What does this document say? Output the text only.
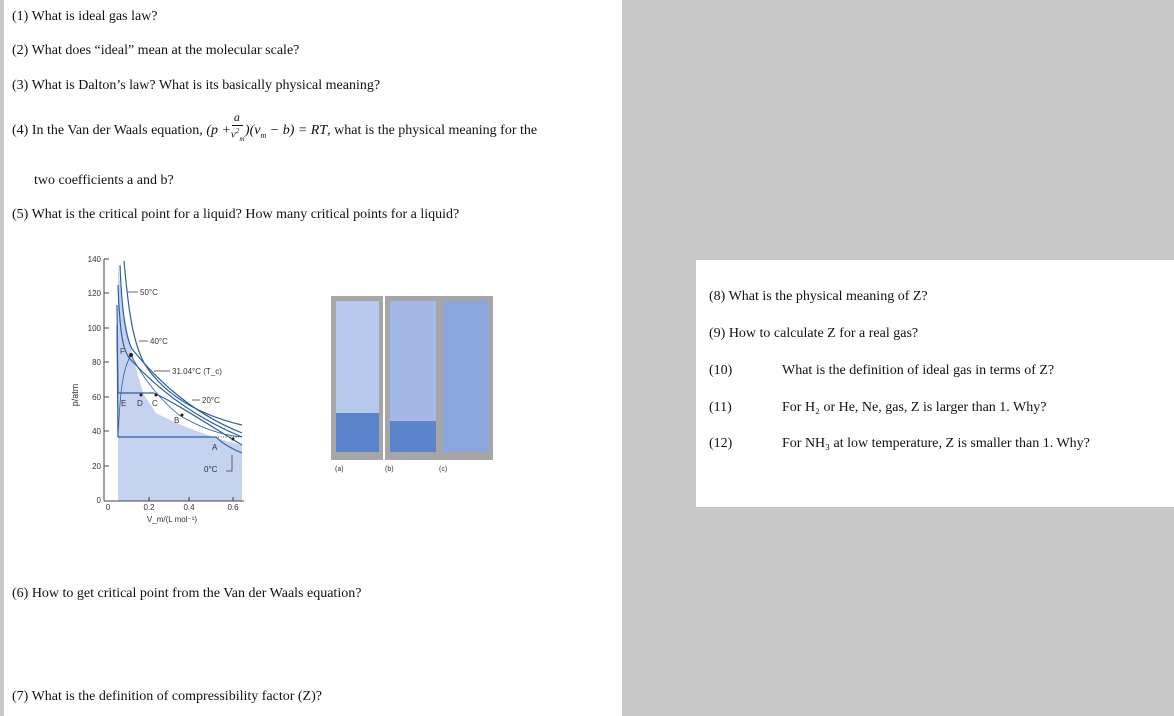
(1) What is ideal gas law?
(2) What does “ideal” mean at the molecular scale?
(3) What is Dalton’s law? What is its basically physical meaning?
(4) In the Van der Waals equation, $(p + \frac{a}{v^2_m} )(v_m - b)$ = RT, what is the physical meaning for the
two coefficients a and b?
(5) What is the critical point for a liquid? How many critical points for a liquid?
140
120
100
80
60
40
20
0
0	0.2	0.4	0.6
p/atm
V_m/(L mol⁻¹)
50°C
40°C
31.04°C (T_c)
20°C
0°C
F
E D C
B
A
(a)	(b)	(c)
(6) How to get critical point from the Van der Waals equation?
(7) What is the definition of compressibility factor (Z)?
(8) What is the physical meaning of Z?
(9) How to calculate Z for a real gas?
(10)	What is the definition of ideal gas in terms of Z?
(11)	For H₂ or He, Ne, gas, Z is larger than 1. Why?
(12)	For NH₃ at low temperature, Z is smaller than 1. Why?
